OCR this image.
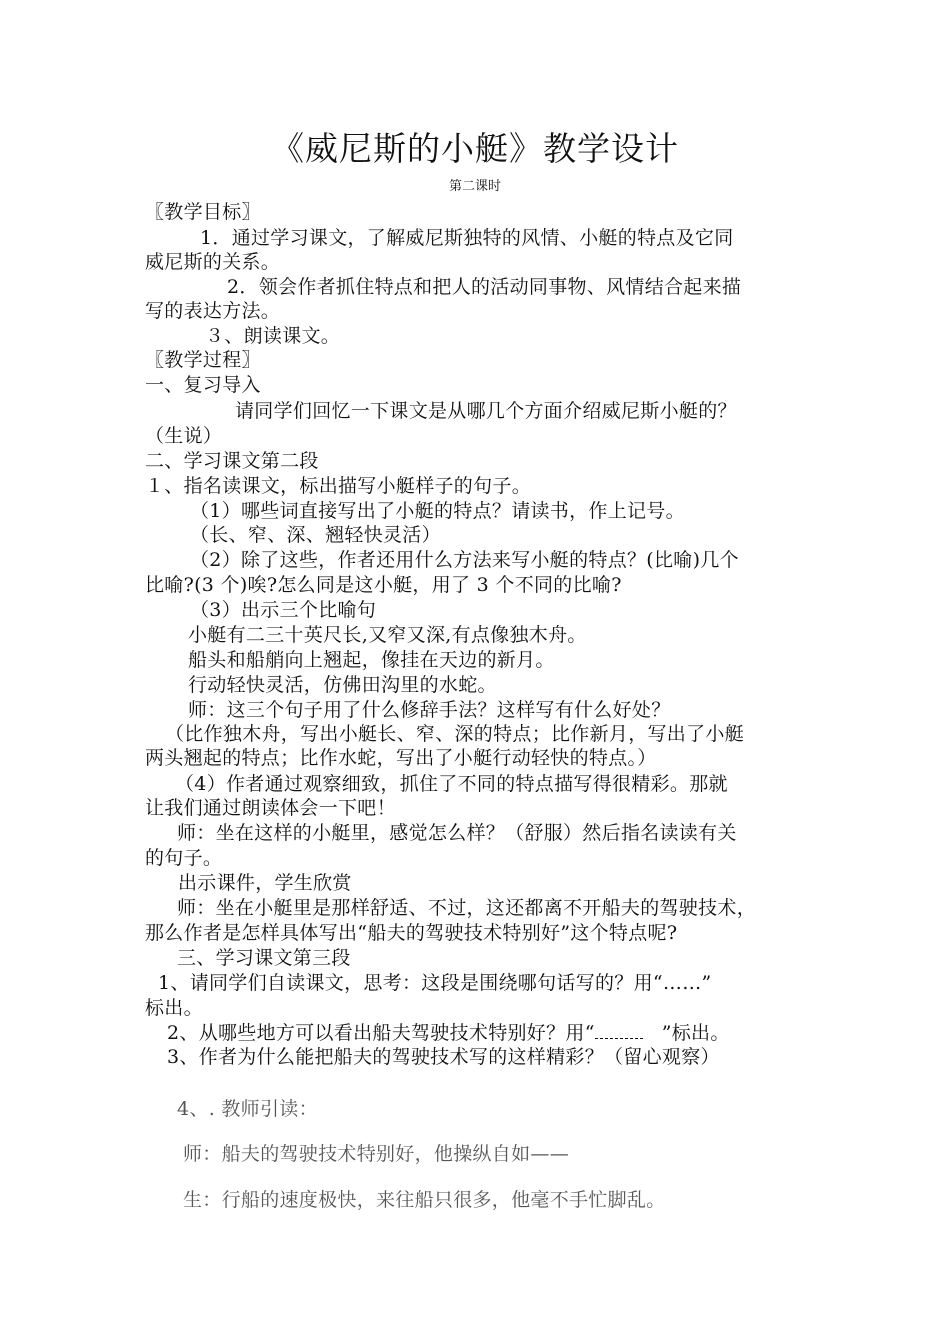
《威尼斯的小艇》教学设计
第二课时
〖教学目标〗
1．通过学习课文，了解威尼斯独特的风情、小艇的特点及它同
威尼斯的关系。
2．领会作者抓住特点和把人的活动同事物、风情结合起来描
写的表达方法。
３、朗读课文。
〖教学过程〗
一、复习导入
请同学们回忆一下课文是从哪几个方面介绍威尼斯小艇的？
（生说）
二、学习课文第二段
１、指名读课文，标出描写小艇样子的句子。
（1）哪些词直接写出了小艇的特点？请读书，作上记号。
（长、窄、深、翘轻快灵活）
（2）除了这些，作者还用什么方法来写小艇的特点？(比喻)几个
比喻?(3 个)唉?怎么同是这小艇，用了 3 个不同的比喻?
（3）出示三个比喻句
小艇有二三十英尺长,又窄又深,有点像独木舟。
船头和船艄向上翘起，像挂在天边的新月。
行动轻快灵活，仿佛田沟里的水蛇。
师：这三个句子用了什么修辞手法？这样写有什么好处？
（比作独木舟，写出小艇长、窄、深的特点；比作新月，写出了小艇
两头翘起的特点；比作水蛇，写出了小艇行动轻快的特点。）
（4）作者通过观察细致，抓住了不同的特点描写得很精彩。那就
让我们通过朗读体会一下吧！
师：坐在这样的小艇里，感觉怎么样？（舒服）然后指名读读有关
的句子。
出示课件，学生欣赏
师：坐在小艇里是那样舒适、不过，这还都离不开船夫的驾驶技术，
那么作者是怎样具体写出“船夫的驾驶技术特别好”这个特点呢?
三、学习课文第三段
1、请同学们自读课文，思考：这段是围绕哪句话写的？用“……”
标出。
2、从哪些地方可以看出船夫驾驶技术特别好？用“	”标出。
3、作者为什么能把船夫的驾驶技术写的这样精彩？（留心观察）
4、. 教师引读：
师：船夫的驾驶技术特别好，他操纵自如——
生：行船的速度极快，来往船只很多，他毫不手忙脚乱。
